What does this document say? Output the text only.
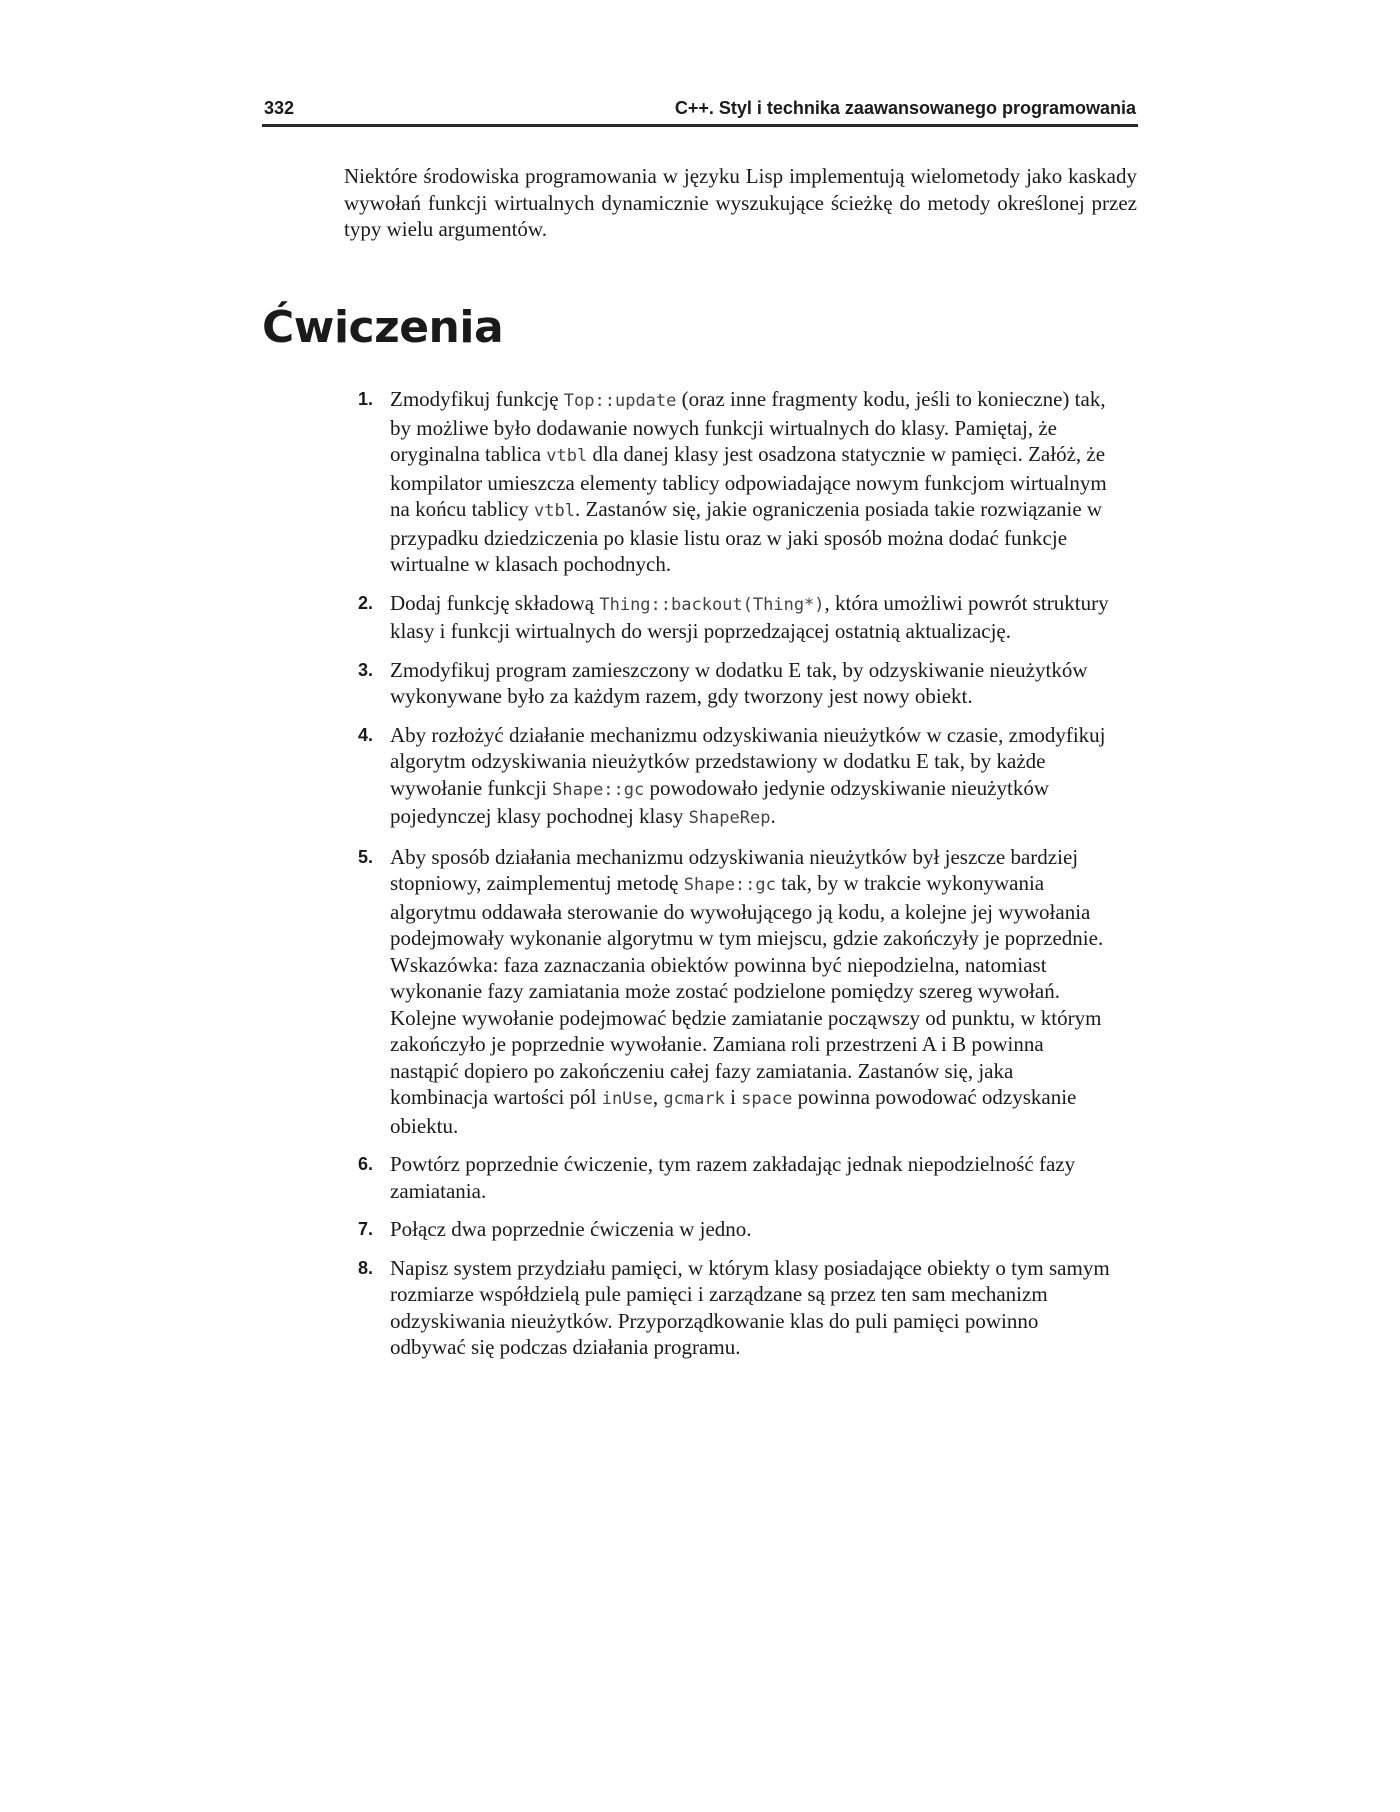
332	C++. Styl i technika zaawansowanego programowania

Niektóre środowiska programowania w języku Lisp implementują wielometody jako kaskady wywołań funkcji wirtualnych dynamicznie wyszukujące ścieżkę do metody określonej przez typy wielu argumentów.

Ćwiczenia
1. Zmodyfikuj funkcję Top::update (oraz inne fragmenty kodu, jeśli to konieczne) tak, by możliwe było dodawanie nowych funkcji wirtualnych do klasy. Pamiętaj, że oryginalna tablica vtbl dla danej klasy jest osadzona statycznie w pamięci. Załóż, że kompilator umieszcza elementy tablicy odpowiadające nowym funkcjom wirtualnym na końcu tablicy vtbl. Zastanów się, jakie ograniczenia posiada takie rozwiązanie w przypadku dziedziczenia po klasie listu oraz w jaki sposób można dodać funkcje wirtualne w klasach pochodnych.
2. Dodaj funkcję składową Thing::backout(Thing*), która umożliwi powrót struktury klasy i funkcji wirtualnych do wersji poprzedzającej ostatnią aktualizację.
3. Zmodyfikuj program zamieszczony w dodatku E tak, by odzyskiwanie nieużytków wykonywane było za każdym razem, gdy tworzony jest nowy obiekt.
4. Aby rozłożyć działanie mechanizmu odzyskiwania nieużytków w czasie, zmodyfikuj algorytm odzyskiwania nieużytków przedstawiony w dodatku E tak, by każde wywołanie funkcji Shape::gc powodowało jedynie odzyskiwanie nieużytków pojedynczej klasy pochodnej klasy ShapeRep.
5. Aby sposób działania mechanizmu odzyskiwania nieużytków był jeszcze bardziej stopniowy, zaimplementuj metodę Shape::gc tak, by w trakcie wykonywania algorytmu oddawała sterowanie do wywołującego ją kodu, a kolejne jej wywołania podejmowały wykonanie algorytmu w tym miejscu, gdzie zakończyły je poprzednie. Wskazówka: faza zaznaczania obiektów powinna być niepodzielna, natomiast wykonanie fazy zamiatania może zostać podzielone pomiędzy szereg wywołań. Kolejne wywołanie podejmować będzie zamiatanie począwszy od punktu, w którym zakończyło je poprzednie wywołanie. Zamiana roli przestrzeni A i B powinna nastąpić dopiero po zakończeniu całej fazy zamiatania. Zastanów się, jaka kombinacja wartości pól inUse, gcmark i space powinna powodować odzyskanie obiektu.
6. Powtórz poprzednie ćwiczenie, tym razem zakładając jednak niepodzielność fazy zamiatania.
7. Połącz dwa poprzednie ćwiczenia w jedno.
8. Napisz system przydziału pamięci, w którym klasy posiadające obiekty o tym samym rozmiarze współdzielą pule pamięci i zarządzane są przez ten sam mechanizm odzyskiwania nieużytków. Przyporządkowanie klas do puli pamięci powinno odbywać się podczas działania programu.
